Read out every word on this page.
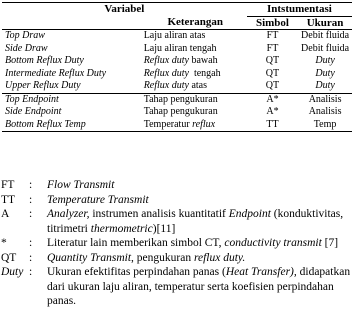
Variabel		Intstumentasi	
	Keterangan	Simbol	Ukuran
Top Draw	Laju aliran atas	FT	Debit fluida
Side Draw	Laju aliran tengah	FT	Debit fluida
Bottom Reflux Duty	Reflux duty bawah	QT	Duty
Intermediate Reflux Duty	Reflux duty  tengah	QT	Duty
Upper Reflux Duty	Reflux duty atas	QT	Duty
Top Endpoint	Tahap pengukuran	A*	Analisis
Side Endpoint	Tahap pengukuran	A*	Analisis
Bottom Reflux Temp	Temperatur reflux	TT	Temp
FT	:	Flow Transmit
TT	:	Temperature Transmit
A	:	Analyzer, instrumen analisis kuantitatif Endpoint (konduktivitas, titrimetri thermometric)[11]
*	:	Literatur lain memberikan simbol CT, conductivity transmit [7]
QT	:	Quantity Transmit, pengukuran reflux duty.
Duty :	Ukuran efektifitas perpindahan panas (Heat Transfer), didapatkan dari ukuran laju aliran, temperatur serta koefisien perpindahan panas.
